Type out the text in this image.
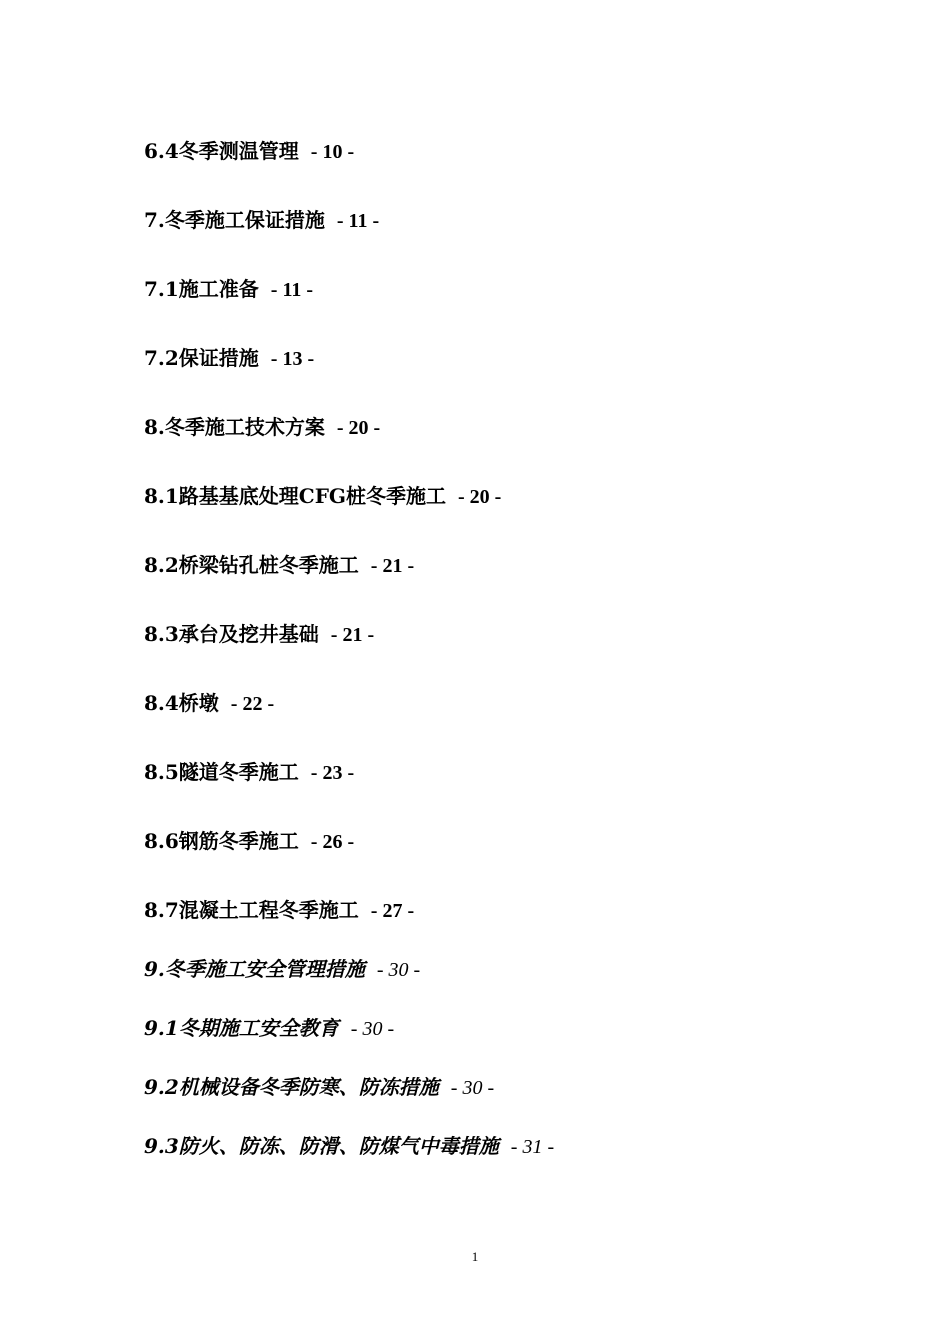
6.4冬季测温管理 - 10 -
7.冬季施工保证措施 - 11 -
7.1施工准备 - 11 -
7.2保证措施 - 13 -
8.冬季施工技术方案 - 20 -
8.1路基基底处理CFG桩冬季施工 - 20 -
8.2桥梁钻孔桩冬季施工 - 21 -
8.3承台及挖井基础 - 21 -
8.4桥墩 - 22 -
8.5隧道冬季施工 - 23 -
8.6钢筋冬季施工 - 26 -
8.7混凝土工程冬季施工 - 27 -
9.冬季施工安全管理措施 - 30 -
9.1冬期施工安全教育 - 30 -
9.2机械设备冬季防寒、防冻措施 - 30 -
9.3防火、防冻、防滑、防煤气中毒措施 - 31 -
1
